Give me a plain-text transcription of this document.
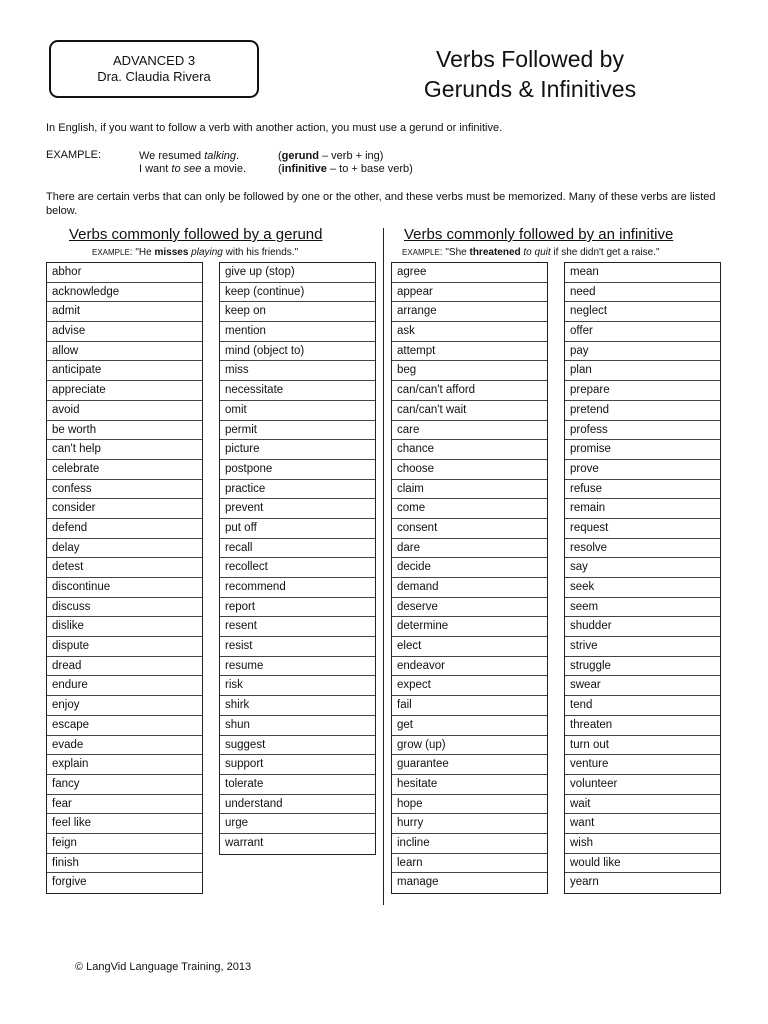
ADVANCED 3
Dra. Claudia Rivera
Verbs Followed by
Gerunds & Infinitives
In English, if you want to follow a verb with another action, you must use a gerund or infinitive.
EXAMPLE:	We resumed talking.
I want to see a movie.
(gerund – verb + ing)
(infinitive – to + base verb)
There are certain verbs that can only be followed by one or the other, and these verbs must be memorized. Many of these verbs are listed below.
Verbs commonly followed by a gerund
EXAMPLE: "He misses playing with his friends."
Verbs commonly followed by an infinitive
EXAMPLE: "She threatened to quit if she didn't get a raise."
abhor
acknowledge
admit
advise
allow
anticipate
appreciate
avoid
be worth
can't help
celebrate
confess
consider
defend
delay
detest
discontinue
discuss
dislike
dispute
dread
endure
enjoy
escape
evade
explain
fancy
fear
feel like
feign
finish
forgive
give up (stop)
keep (continue)
keep on
mention
mind (object to)
miss
necessitate
omit
permit
picture
postpone
practice
prevent
put off
recall
recollect
recommend
report
resent
resist
resume
risk
shirk
shun
suggest
support
tolerate
understand
urge
warrant
agree
appear
arrange
ask
attempt
beg
can/can't afford
can/can't wait
care
chance
choose
claim
come
consent
dare
decide
demand
deserve
determine
elect
endeavor
expect
fail
get
grow (up)
guarantee
hesitate
hope
hurry
incline
learn
manage
mean
need
neglect
offer
pay
plan
prepare
pretend
profess
promise
prove
refuse
remain
request
resolve
say
seek
seem
shudder
strive
struggle
swear
tend
threaten
turn out
venture
volunteer
wait
want
wish
would like
yearn
© LangVid Language Training, 2013
